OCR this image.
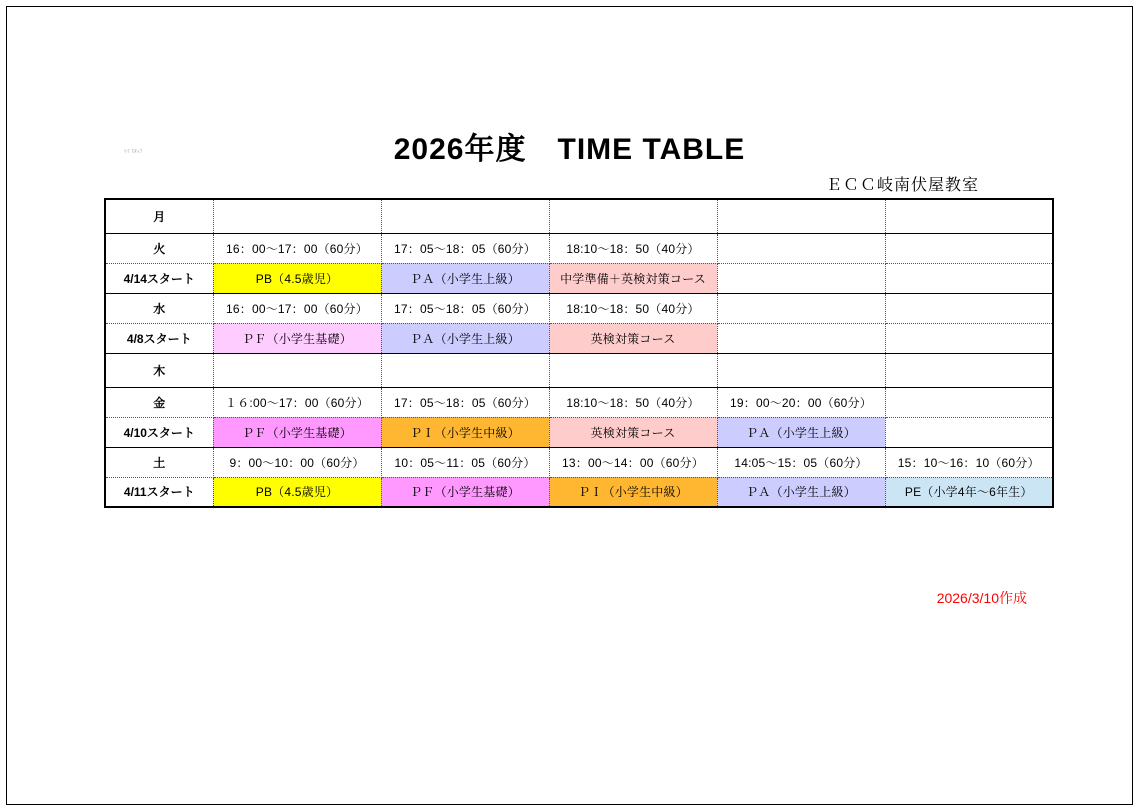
ﾏｲ ｽﾀｯﾌ	2026年度　TIME TABLE
ＥＣＣ岐南伏屋教室
月					
火	16：00〜17：00（60分）	17：05〜18：05（60分）	18:10〜18：50（40分）		
4/14スタート	PB（4.5歳児）	ＰＡ（小学生上級）	中学準備＋英検対策コース		
水	16：00〜17：00（60分）	17：05〜18：05（60分）	18:10〜18：50（40分）		
4/8スタート	ＰＦ（小学生基礎）	ＰＡ（小学生上級）	英検対策コース		
木					
金	１６:00〜17：00（60分）	17：05〜18：05（60分）	18:10〜18：50（40分）	19：00〜20：00（60分）	
4/10スタート	ＰＦ（小学生基礎）	ＰＩ（小学生中級）	英検対策コース	ＰＡ（小学生上級）	
土	9：00〜10：00（60分）	10：05〜11：05（60分）	13：00〜14：00（60分）	14:05〜15：05（60分）	15：10〜16：10（60分）
4/11スタート	PB（4.5歳児）	ＰＦ（小学生基礎）	ＰＩ（小学生中級）	ＰＡ（小学生上級）	PE（小学4年〜6年生）
2026/3/10作成
